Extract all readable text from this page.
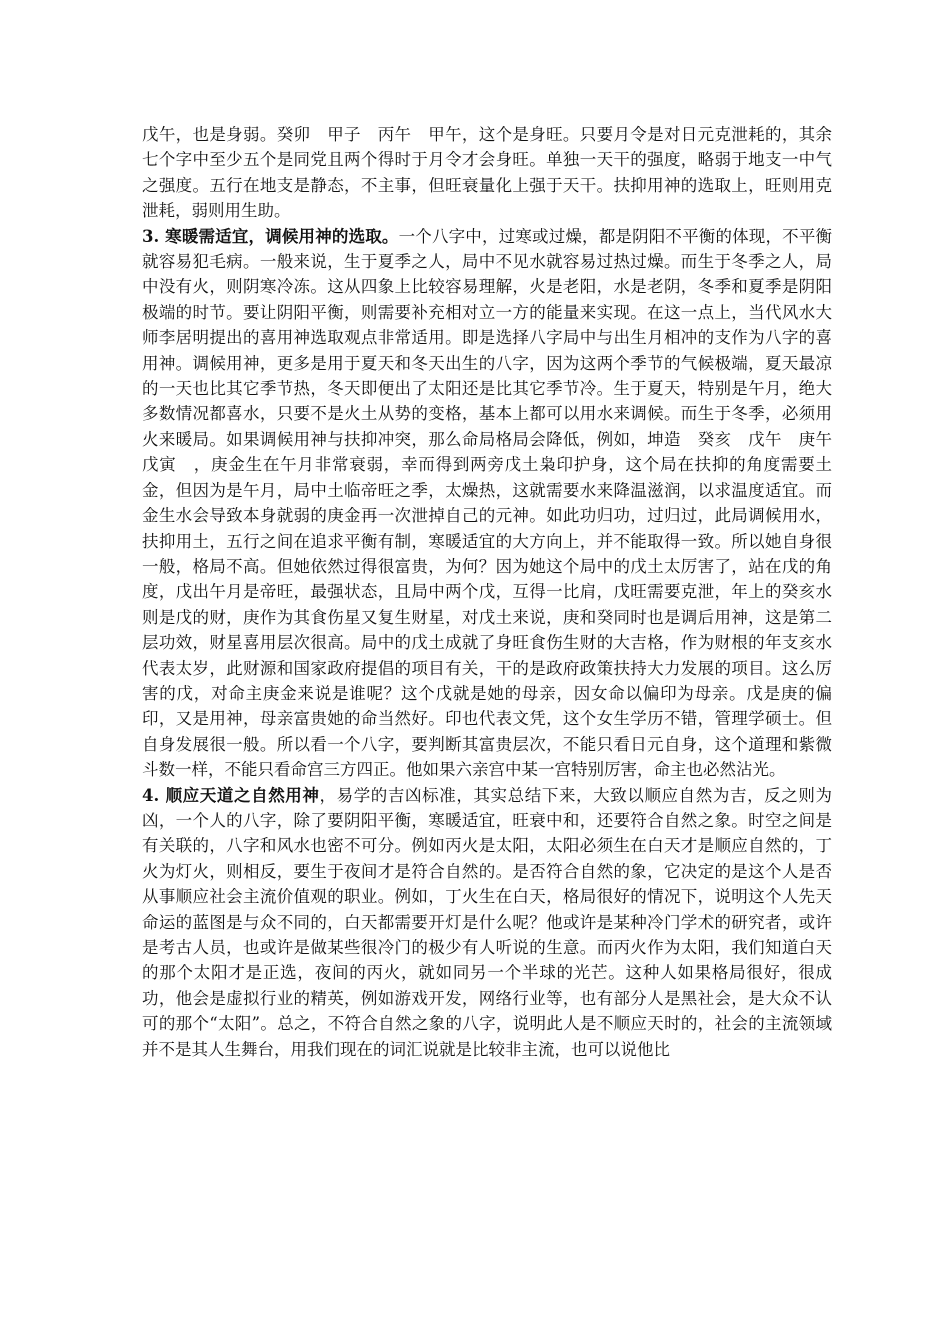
戊午，也是身弱。癸卯　甲子　丙午　甲午，这个是身旺。只要月令是对日元克泄耗的，其余七个字中至少五个是同党且两个得时于月令才会身旺。单独一天干的强度，略弱于地支一中气之强度。五行在地支是静态，不主事，但旺衰量化上强于天干。扶抑用神的选取上，旺则用克泄耗，弱则用生助。

3. 寒暖需适宜，调候用神的选取。一个八字中，过寒或过燥，都是阴阳不平衡的体现，不平衡就容易犯毛病。一般来说，生于夏季之人，局中不见水就容易过热过燥。而生于冬季之人，局中没有火，则阴寒冷冻。这从四象上比较容易理解，火是老阳，水是老阴，冬季和夏季是阴阳极端的时节。要让阴阳平衡，则需要补充相对立一方的能量来实现。在这一点上，当代风水大师李居明提出的喜用神选取观点非常适用。即是选择八字局中与出生月相冲的支作为八字的喜用神。调候用神，更多是用于夏天和冬天出生的八字，因为这两个季节的气候极端，夏天最凉的一天也比其它季节热，冬天即便出了太阳还是比其它季节冷。生于夏天，特别是午月，绝大多数情况都喜水，只要不是火土从势的变格，基本上都可以用水来调候。而生于冬季，必须用火来暖局。如果调候用神与扶抑冲突，那么命局格局会降低，例如，坤造　癸亥　戊午　庚午　　戊寅　，庚金生在午月非常衰弱，幸而得到两旁戊土枭印护身，这个局在扶抑的角度需要土金，但因为是午月，局中土临帝旺之季，太燥热，这就需要水来降温滋润，以求温度适宜。而金生水会导致本身就弱的庚金再一次泄掉自己的元神。如此功归功，过归过，此局调候用水，扶抑用土，五行之间在追求平衡有制，寒暖适宜的大方向上，并不能取得一致。所以她自身很一般，格局不高。但她依然过得很富贵，为何？因为她这个局中的戊土太厉害了，站在戊的角度，戊出午月是帝旺，最强状态，且局中两个戊，互得一比肩，戊旺需要克泄，年上的癸亥水则是戊的财，庚作为其食伤星又复生财星，对戊土来说，庚和癸同时也是调后用神，这是第二层功效，财星喜用层次很高。局中的戊土成就了身旺食伤生财的大吉格，作为财根的年支亥水代表太岁，此财源和国家政府提倡的项目有关，干的是政府政策扶持大力发展的项目。这么厉害的戊，对命主庚金来说是谁呢？这个戊就是她的母亲，因女命以偏印为母亲。戊是庚的偏印，又是用神，母亲富贵她的命当然好。印也代表文凭，这个女生学历不错，管理学硕士。但自身发展很一般。所以看一个八字，要判断其富贵层次，不能只看日元自身，这个道理和紫微斗数一样，不能只看命宫三方四正。他如果六亲宫中某一宫特别厉害，命主也必然沾光。

4. 顺应天道之自然用神，易学的吉凶标准，其实总结下来，大致以顺应自然为吉，反之则为凶，一个人的八字，除了要阴阳平衡，寒暖适宜，旺衰中和，还要符合自然之象。时空之间是有关联的，八字和风水也密不可分。例如丙火是太阳，太阳必须生在白天才是顺应自然的，丁火为灯火，则相反，要生于夜间才是符合自然的。是否符合自然的象，它决定的是这个人是否从事顺应社会主流价值观的职业。例如，丁火生在白天，格局很好的情况下，说明这个人先天命运的蓝图是与众不同的，白天都需要开灯是什么呢？他或许是某种冷门学术的研究者，或许是考古人员，也或许是做某些很冷门的极少有人听说的生意。而丙火作为太阳，我们知道白天的那个太阳才是正选，夜间的丙火，就如同另一个半球的光芒。这种人如果格局很好，很成功，他会是虚拟行业的精英，例如游戏开发，网络行业等，也有部分人是黑社会，是大众不认可的那个“太阳”。总之，不符合自然之象的八字，说明此人是不顺应天时的，社会的主流领域并不是其人生舞台，用我们现在的词汇说就是比较非主流，也可以说他比
